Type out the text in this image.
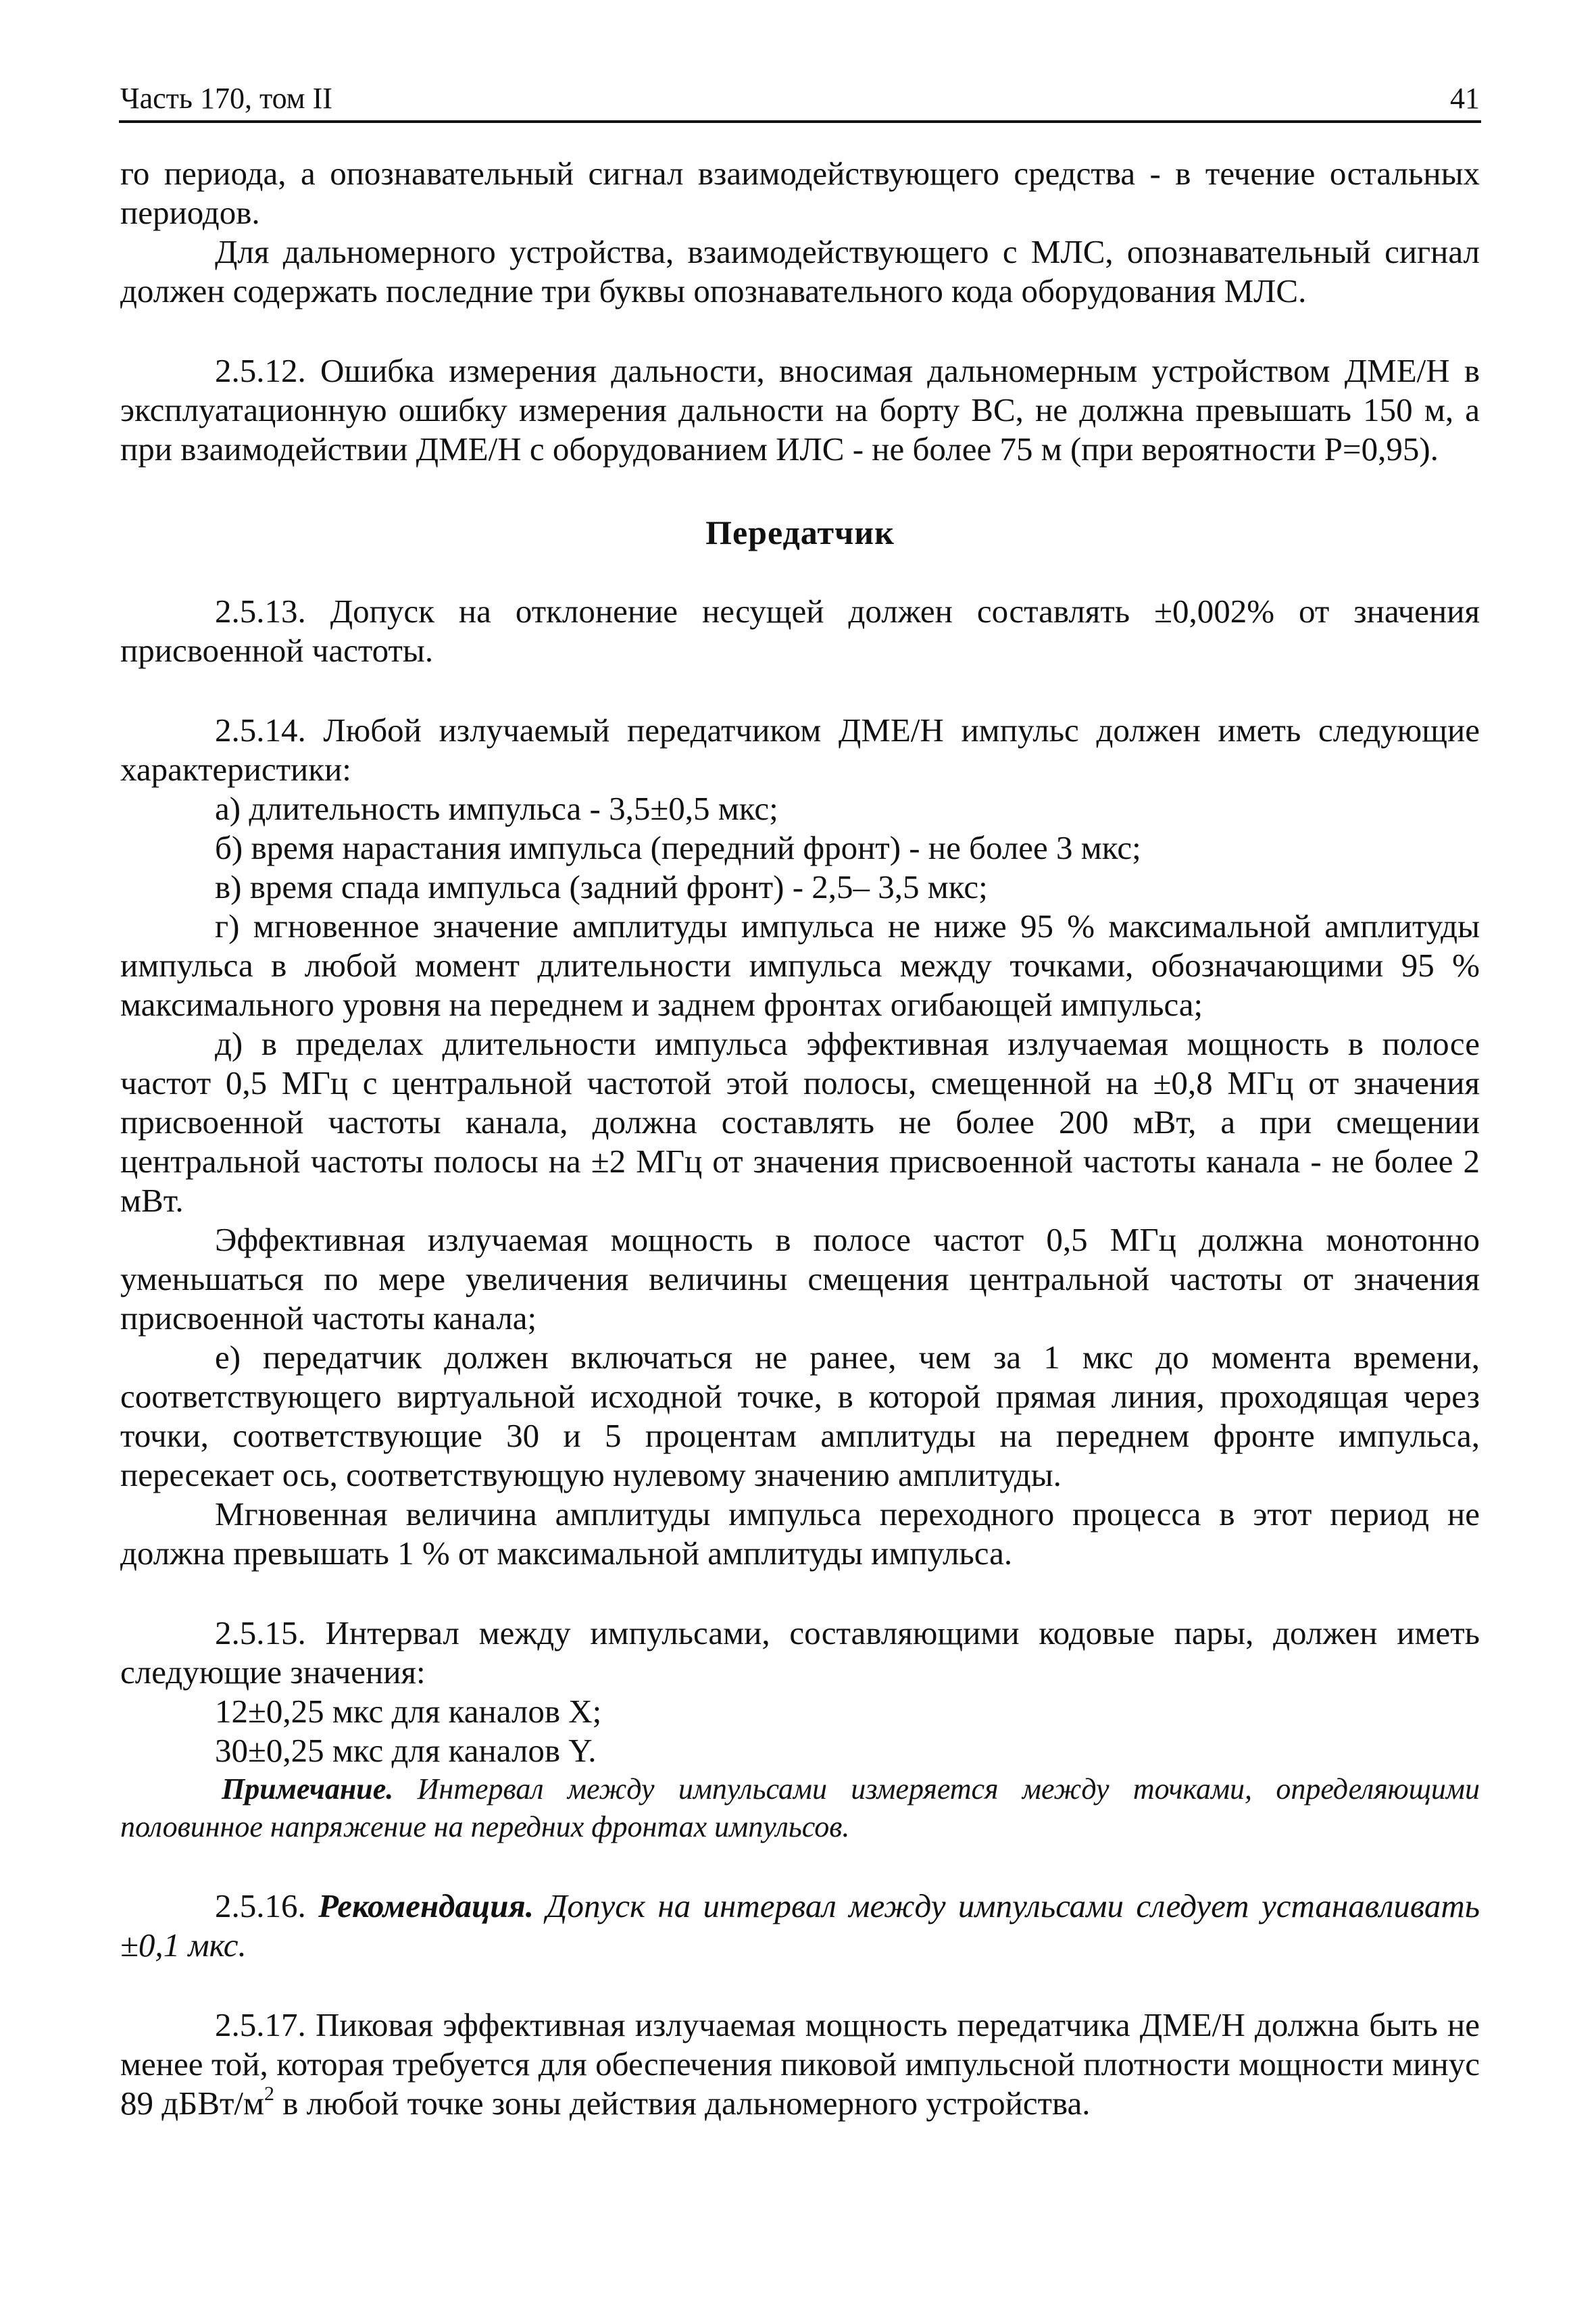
Часть 170, том II	41

го периода, а опознавательный сигнал взаимодействующего средства - в течение остальных периодов.

Для дальномерного устройства, взаимодействующего с МЛС, опознавательный сигнал должен содержать последние три буквы опознавательного кода оборудования МЛС.

2.5.12. Ошибка измерения дальности, вносимая дальномерным устройством ДМЕ/Н в эксплуатационную ошибку измерения дальности на борту ВС, не должна превышать 150 м, а при взаимодействии ДМЕ/Н с оборудованием ИЛС - не более 75 м (при вероятности Р=0,95).

Передатчик

2.5.13. Допуск на отклонение несущей должен составлять ±0,002% от значения присвоенной частоты.

2.5.14. Любой излучаемый передатчиком ДМЕ/Н импульс должен иметь следующие характеристики:

а) длительность импульса - 3,5±0,5 мкс;

б) время нарастания импульса (передний фронт) - не более 3 мкс;

в) время спада импульса (задний фронт) - 2,5– 3,5 мкс;

г) мгновенное значение амплитуды импульса не ниже 95 % максимальной амплитуды импульса в любой момент длительности импульса между точками, обозначающими 95 % максимального уровня на переднем и заднем фронтах огибающей импульса;

д) в пределах длительности импульса эффективная излучаемая мощность в полосе частот 0,5 МГц с центральной частотой этой полосы, смещенной на ±0,8 МГц от значения присвоенной частоты канала, должна составлять не более 200 мВт, а при смещении центральной частоты полосы на ±2 МГц от значения присвоенной частоты канала - не более 2 мВт.

Эффективная излучаемая мощность в полосе частот 0,5 МГц должна монотонно уменьшаться по мере увеличения величины смещения центральной частоты от значения присвоенной частоты канала;

е) передатчик должен включаться не ранее, чем за 1 мкс до момента времени, соответствующего виртуальной исходной точке, в которой прямая линия, проходящая через точки, соответствующие 30 и 5 процентам амплитуды на переднем фронте импульса, пересекает ось, соответствующую нулевому значению амплитуды.

Мгновенная величина амплитуды импульса переходного процесса в этот период не должна превышать 1 % от максимальной амплитуды импульса.

2.5.15. Интервал между импульсами, составляющими кодовые пары, должен иметь следующие значения:

12±0,25 мкс для каналов X;

30±0,25 мкс для каналов Y.

Примечание. Интервал между импульсами измеряется между точками, определяющими половинное напряжение на передних фронтах импульсов.

2.5.16. Рекомендация. Допуск на интервал между импульсами следует устанавливать ±0,1 мкс.

2.5.17. Пиковая эффективная излучаемая мощность передатчика ДМЕ/Н должна быть не менее той, которая требуется для обеспечения пиковой импульсной плотности мощности минус 89 дБВт/$м^2$ в любой точке зоны действия дальномерного устройства.
